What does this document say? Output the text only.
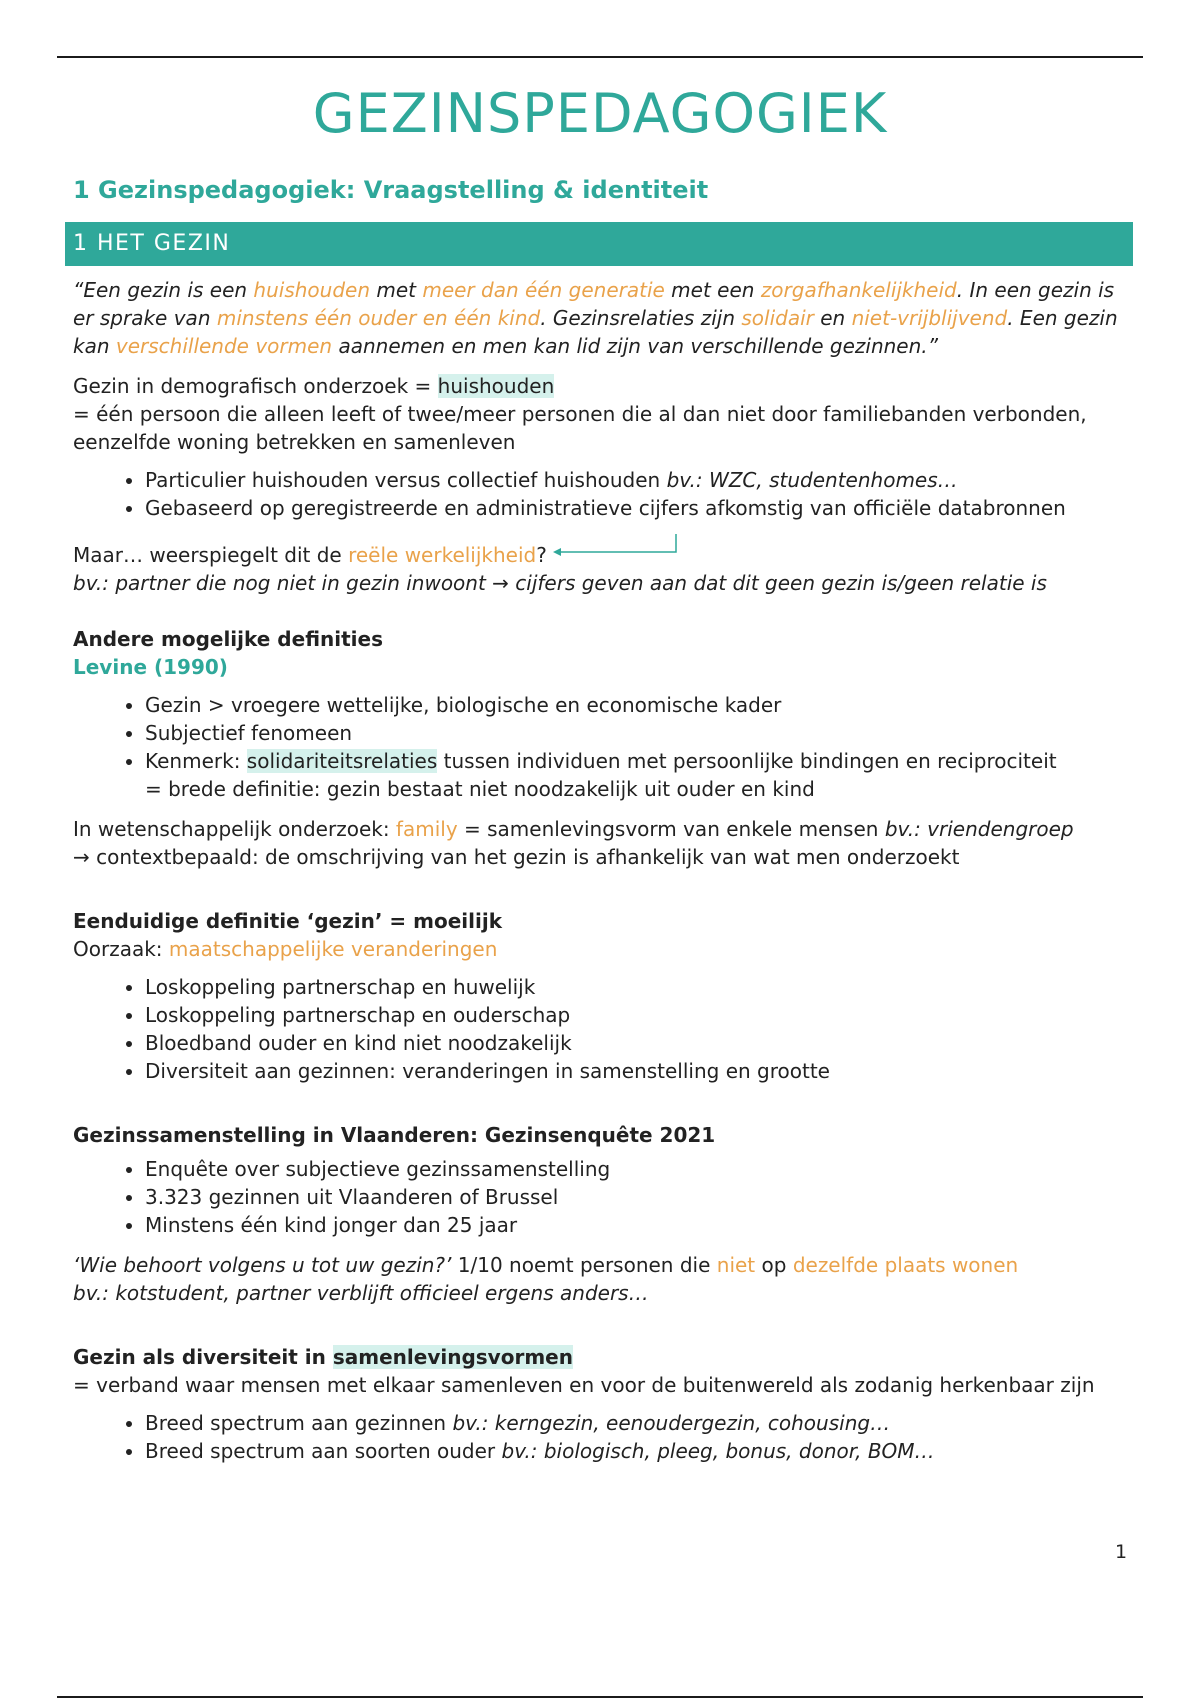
GEZINSPEDAGOGIEK
1 Gezinspedagogiek: Vraagstelling & identiteit
1 HET GEZIN

“Een gezin is een huishouden met meer dan één generatie met een zorgafhankelijkheid. In een gezin is er sprake van minstens één ouder en één kind. Gezinsrelaties zijn solidair en niet-vrijblijvend. Een gezin kan verschillende vormen aannemen en men kan lid zijn van verschillende gezinnen.”

Gezin in demografisch onderzoek = huishouden

= één persoon die alleen leeft of twee/meer personen die al dan niet door familiebanden verbonden, eenzelfde woning betrekken en samenleven

• Particulier huishouden versus collectief huishouden bv.: WZC, studentenhomes…
• Gebaseerd op geregistreerde en administratieve cijfers afkomstig van officiële databronnen

Maar… weerspiegelt dit de reële werkelijkheid?

bv.: partner die nog niet in gezin inwoont → cijfers geven aan dat dit geen gezin is/geen relatie is

Andere mogelijke definities

Levine (1990)

• Gezin > vroegere wettelijke, biologische en economische kader
• Subjectief fenomeen
• Kenmerk: solidariteitsrelaties tussen individuen met persoonlijke bindingen en reciprociteit
= brede definitie: gezin bestaat niet noodzakelijk uit ouder en kind

In wetenschappelijk onderzoek: family = samenlevingsvorm van enkele mensen bv.: vriendengroep

→ contextbepaald: de omschrijving van het gezin is afhankelijk van wat men onderzoekt

Eenduidige definitie ‘gezin’ = moeilijk

Oorzaak: maatschappelijke veranderingen

• Loskoppeling partnerschap en huwelijk
• Loskoppeling partnerschap en ouderschap
• Bloedband ouder en kind niet noodzakelijk
• Diversiteit aan gezinnen: veranderingen in samenstelling en grootte

Gezinssamenstelling in Vlaanderen: Gezinsenquête 2021

• Enquête over subjectieve gezinssamenstelling
• 3.323 gezinnen uit Vlaanderen of Brussel
• Minstens één kind jonger dan 25 jaar

‘Wie behoort volgens u tot uw gezin?’ 1/10 noemt personen die niet op dezelfde plaats wonen

bv.: kotstudent, partner verblijft officieel ergens anders…

Gezin als diversiteit in samenlevingsvormen

= verband waar mensen met elkaar samenleven en voor de buitenwereld als zodanig herkenbaar zijn

• Breed spectrum aan gezinnen bv.: kerngezin, eenoudergezin, cohousing…
• Breed spectrum aan soorten ouder bv.: biologisch, pleeg, bonus, donor, BOM…
1
